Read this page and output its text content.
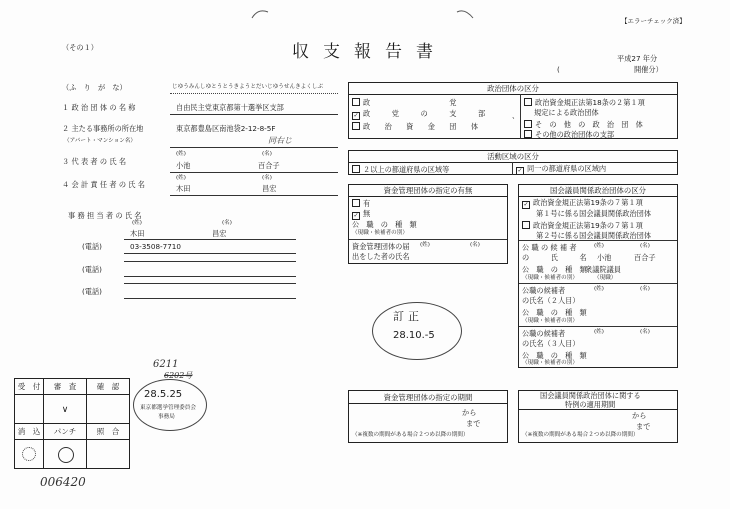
【エラーチェック済】
（その１）	収支報告書	平成27 年分
(	開催分）
（ふ　り　が　な）	じゆうみんしゆとうとうきようとだいじゆうせんきよくしぶ
１ 政 治 団 体 の 名 称	自由民主党東京都第十選挙区支部
２ 主たる事務所の所在地	東京都豊島区南池袋2-12-8-5F
（アパート・マンション名）	同右じ
(姓)	(名)
３ 代 表 者 の 氏 名	小池	百合子
(姓)	(名)
４ 会 計 責 任 者 の 氏 名	木田	昌宏
事 務 担 当 者 の 氏 名
(姓)	(名)
木田	昌宏
(電話)	03-3508-7710
(電話)
(電話)
政治団体の区分
政　　　　　　　　　　　党
✓ 政　　　党　　　の　　　支　　　部
政　　治　　資　　金　　団　　体
、
政治資金規正法第18条の２第１項
規定による政治団体
そ　の　他　の　政　治　団　体
その他の政治団体の支部
活動区域の区分
２以上の都道府県の区域等	✓ 同一の都道府県の区域内
資金管理団体の指定の有無
有
✓ 無
公　職　の　種　類
（現職・候補者の別）
資金管理団体の届 (姓)	(名)
出をした者の氏名
国会議員関係政治団体の区分
✓ 政治資金規正法第19条の７第１項
第１号に係る国会議員関係政治団体
政治資金規正法第19条の７第１項
第２号に係る国会議員関係政治団体
公 職 の 候 補 者	(姓)	(名)
の　　　氏　　　名 小池	百合子
公　職　の　種　類
衆議院議員
（現職・候補者の別）	（現職）
公職の候補者	(姓)	(名)
の氏名（２人目）
公　職　の　種　類
（現職・候補者の別）
公職の候補者	(姓)	(名)
の氏名（３人目）
公　職　の　種　類
（現職・候補者の別）
訂正
28.10.-5
資金管理団体の指定の期間
から
まで
（※複数の期間がある場合２つめ以降の期間）
国会議員関係政治団体に関する
特例の適用期間
から
まで
（※複数の期間がある場合２つめ以降の期間）
受　付	審　査	確　認
∨
消　込	パンチ	照　合
6211
6202号
28.5.25
東京都選挙管理委員会
事務局
006420
